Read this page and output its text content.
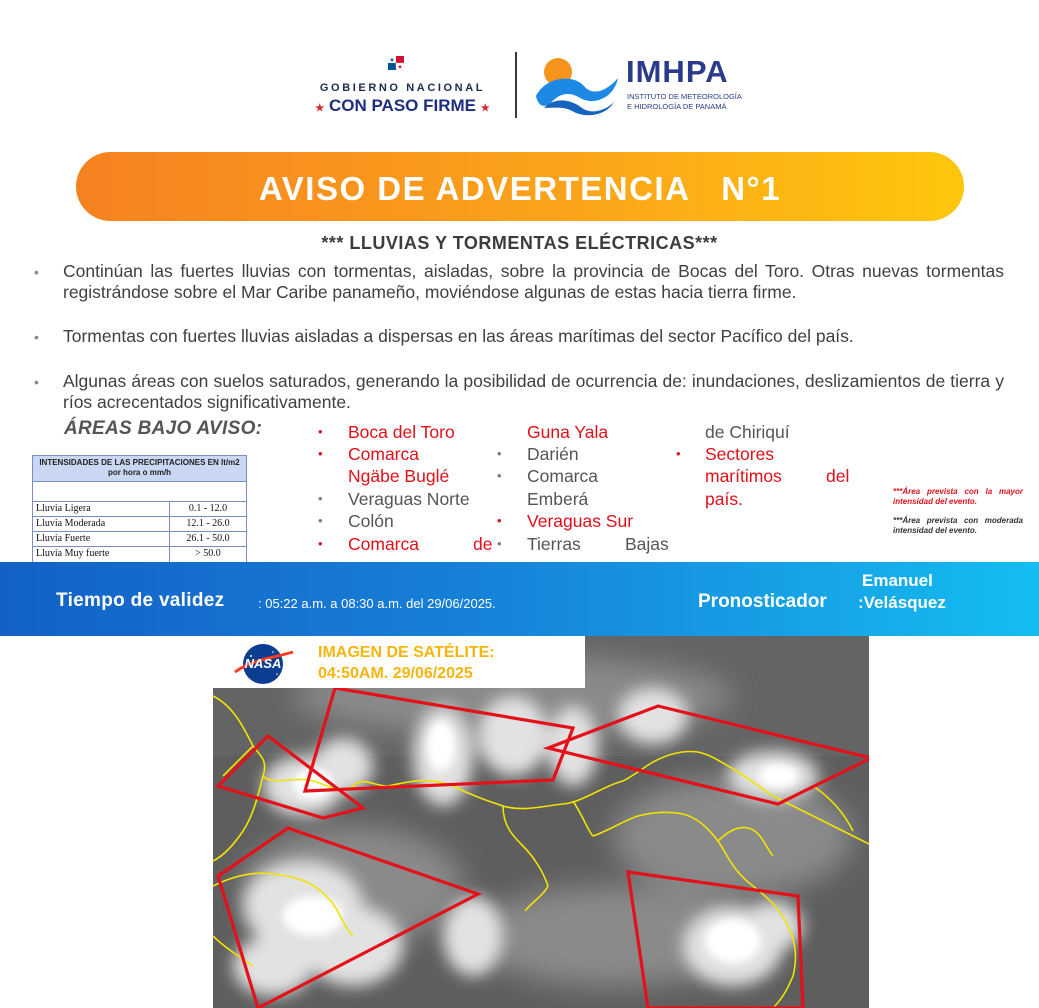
GOBIERNO NACIONAL
★ CON PASO FIRME ★
IMHPA
INSTITUTO DE METEOROLOGÍA
E HIDROLOGÍA DE PANAMÁ
AVISO DE ADVERTENCIA   N°1
*** LLUVIAS Y TORMENTAS ELÉCTRICAS***
• Continúan las fuertes lluvias con tormentas, aisladas, sobre la provincia de Bocas del Toro. Otras nuevas tormentas registrándose sobre el Mar Caribe panameño, moviéndose algunas de estas hacia tierra firme.
• Tormentas con fuertes lluvias aisladas a dispersas en las áreas marítimas del sector Pacífico del país.
• Algunas áreas con suelos saturados, generando la posibilidad de ocurrencia de: inundaciones, deslizamientos de tierra y ríos acrecentados significativamente.
ÁREAS BAJO AVISO:
INTENSIDADES DE LAS PRECIPITACIONES EN lt/m2 por hora o mm/h
Lluvia Ligera	0.1 - 12.0
Lluvia Moderada	12.1 - 26.0
Lluvia Fuerte	26.1 - 50.0
Lluvia Muy fuerte	> 50.0
• Boca del Toro
• Comarca
Ngäbe Buglé
• Veraguas Norte
• Colón
• Comarca	de
Guna Yala
• Darién
• Comarca
Emberá
• Veraguas Sur
• Tierras	Bajas
de Chiriquí
• Sectores
marítimos	del
país.	***Área prevista con la mayor intensidad del evento.
***Área prevista con moderada intensidad del evento.
Tiempo de validez	: 05:22 a.m. a 08:30 a.m. del 29/06/2025.	Pronosticador
Emanuel
:Velásquez
NASA
IMAGEN DE SATÉLITE:
04:50AM. 29/06/2025
